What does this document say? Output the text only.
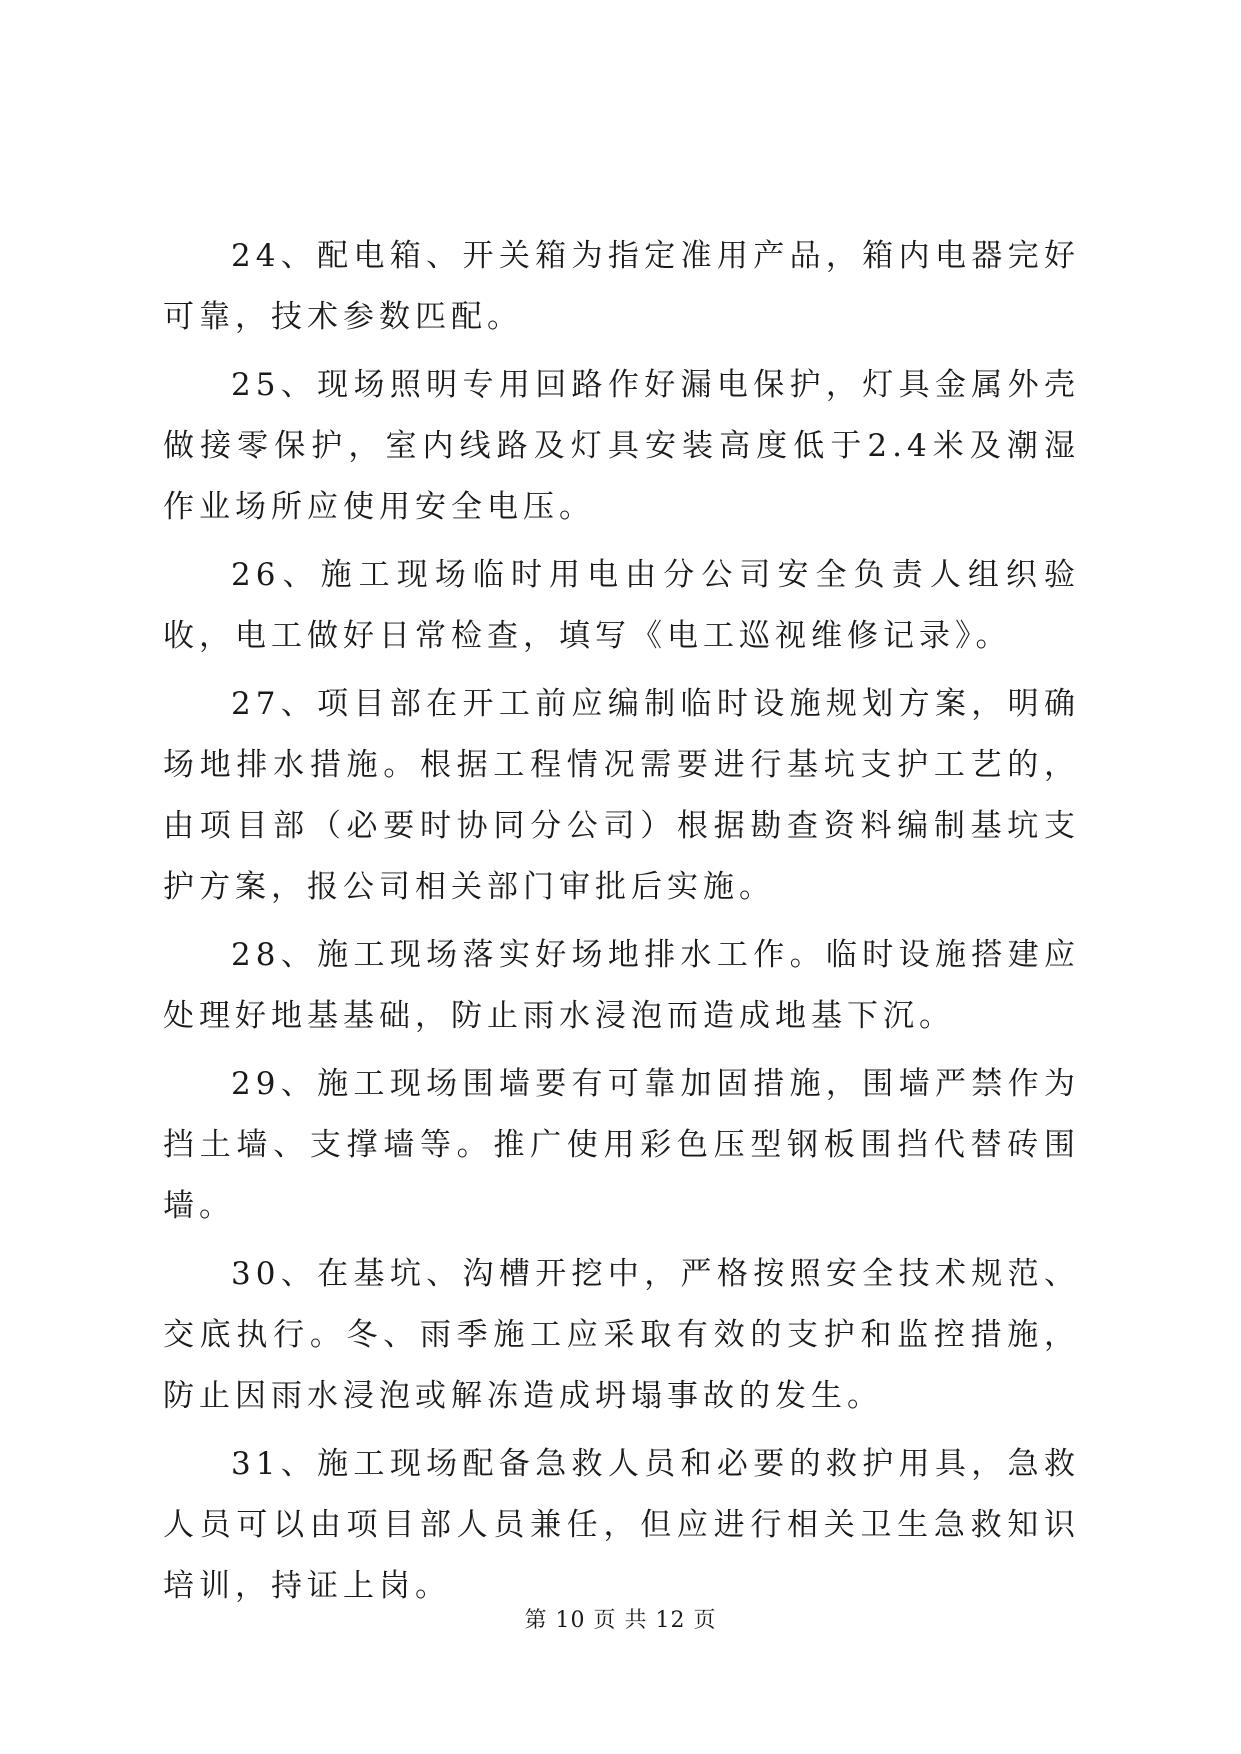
24、配电箱、开关箱为指定准用产品，箱内电器完好可靠，技术参数匹配。

25、现场照明专用回路作好漏电保护，灯具金属外壳做接零保护，室内线路及灯具安装高度低于2.4米及潮湿作业场所应使用安全电压。

26、施工现场临时用电由分公司安全负责人组织验收，电工做好日常检查，填写《电工巡视维修记录》。

27、项目部在开工前应编制临时设施规划方案，明确场地排水措施。根据工程情况需要进行基坑支护工艺的，由项目部（必要时协同分公司）根据勘查资料编制基坑支护方案，报公司相关部门审批后实施。

28、施工现场落实好场地排水工作。临时设施搭建应处理好地基基础，防止雨水浸泡而造成地基下沉。

29、施工现场围墙要有可靠加固措施，围墙严禁作为挡土墙、支撑墙等。推广使用彩色压型钢板围挡代替砖围墙。

30、在基坑、沟槽开挖中，严格按照安全技术规范、交底执行。冬、雨季施工应采取有效的支护和监控措施，防止因雨水浸泡或解冻造成坍塌事故的发生。

31、施工现场配备急救人员和必要的救护用具，急救人员可以由项目部人员兼任，但应进行相关卫生急救知识培训，持证上岗。

第 10 页 共 12 页
